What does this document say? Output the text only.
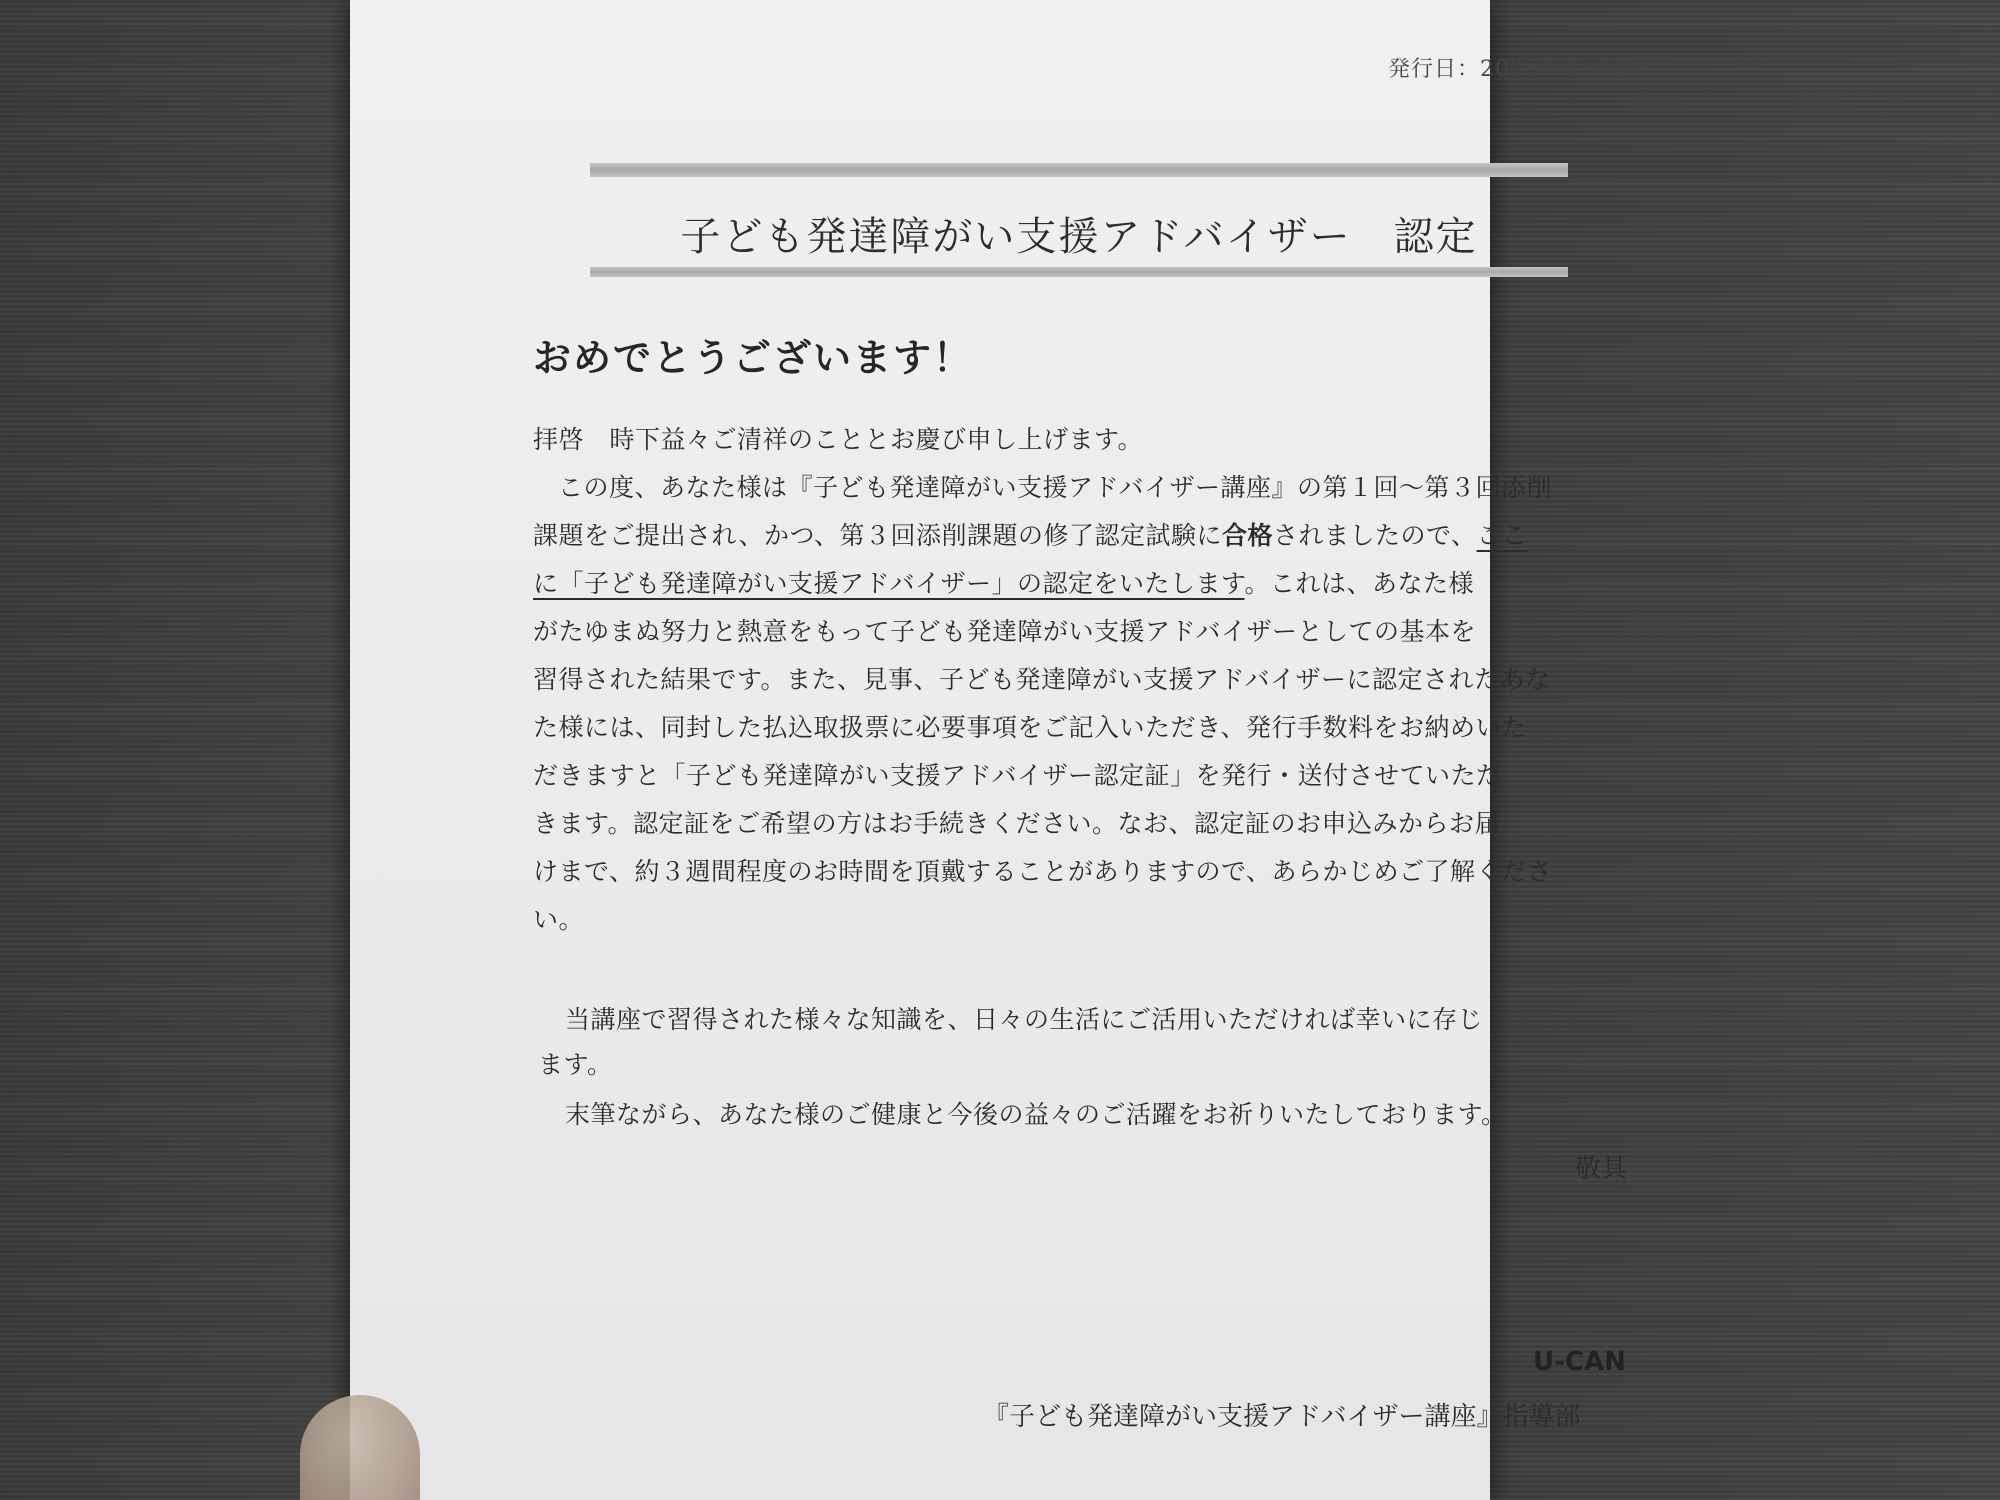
発行日：2025年8月18日
子ども発達障がい支援アドバイザー　認定
おめでとうございます！
拝啓　時下益々ご清祥のこととお慶び申し上げます。
この度、あなた様は『子ども発達障がい支援アドバイザー講座』の第１回～第３回添削
課題をご提出され、かつ、第３回添削課題の修了認定試験に合格されましたので、ここ
に「子ども発達障がい支援アドバイザー」の認定をいたします。これは、あなた様
がたゆまぬ努力と熱意をもって子ども発達障がい支援アドバイザーとしての基本を
習得された結果です。また、見事、子ども発達障がい支援アドバイザーに認定されたあな
た様には、同封した払込取扱票に必要事項をご記入いただき、発行手数料をお納めいた
だきますと「子ども発達障がい支援アドバイザー認定証」を発行・送付させていただ
きます。認定証をご希望の方はお手続きください。なお、認定証のお申込みからお届
けまで、約３週間程度のお時間を頂戴することがありますので、あらかじめご了解くださ
い。
当講座で習得された様々な知識を、日々の生活にご活用いただければ幸いに存じ
ます。
末筆ながら、あなた様のご健康と今後の益々のご活躍をお祈りいたしております。
敬具
U-CAN
『子ども発達障がい支援アドバイザー講座』指導部
